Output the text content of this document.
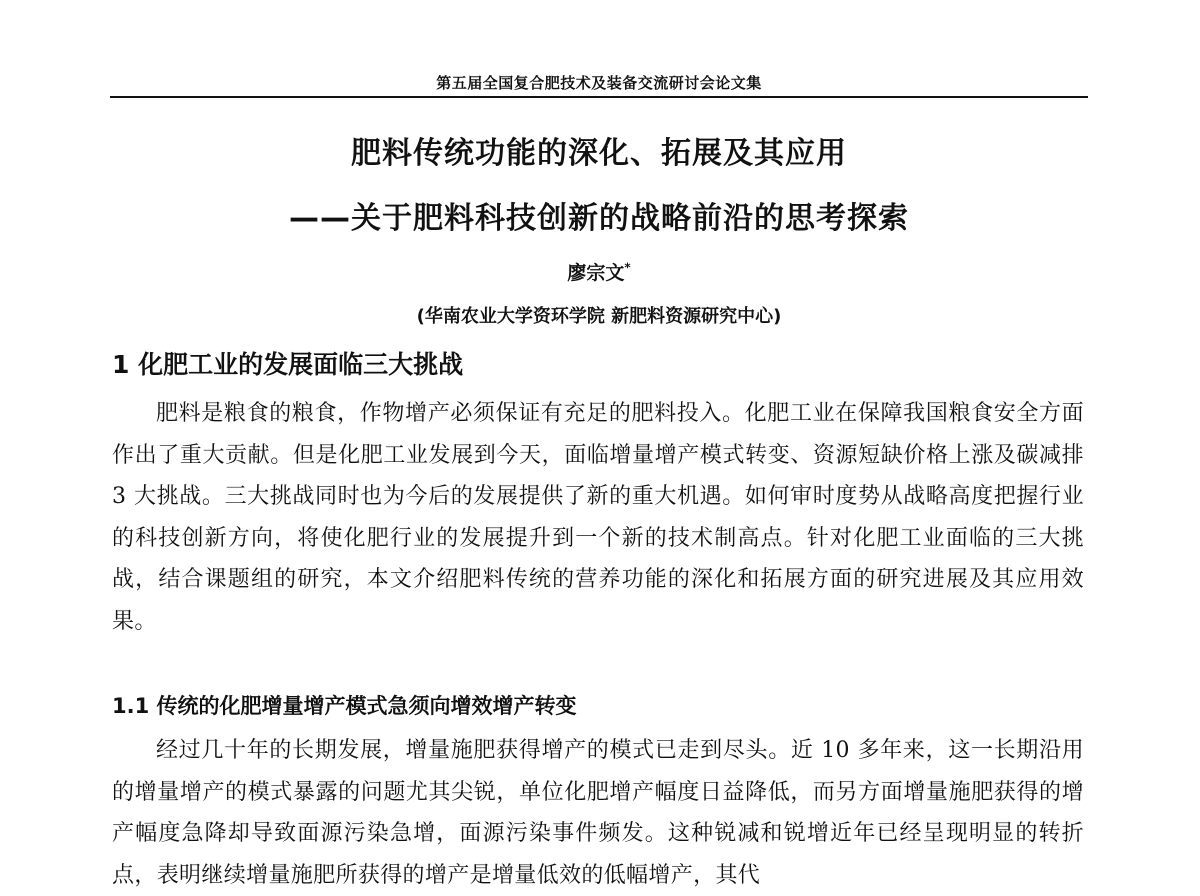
第五届全国复合肥技术及装备交流研讨会论文集
肥料传统功能的深化、拓展及其应用
——关于肥料科技创新的战略前沿的思考探索
廖宗文*
(华南农业大学资环学院 新肥料资源研究中心)
1 化肥工业的发展面临三大挑战
肥料是粮食的粮食，作物增产必须保证有充足的肥料投入。化肥工业在保障我国粮食安全方面作出了重大贡献。但是化肥工业发展到今天，面临增量增产模式转变、资源短缺价格上涨及碳减排 3 大挑战。三大挑战同时也为今后的发展提供了新的重大机遇。如何审时度势从战略高度把握行业的科技创新方向，将使化肥行业的发展提升到一个新的技术制高点。针对化肥工业面临的三大挑战，结合课题组的研究，本文介绍肥料传统的营养功能的深化和拓展方面的研究进展及其应用效果。
1.1 传统的化肥增量增产模式急须向增效增产转变
经过几十年的长期发展，增量施肥获得增产的模式已走到尽头。近 10 多年来，这一长期沿用的增量增产的模式暴露的问题尤其尖锐，单位化肥增产幅度日益降低，而另方面增量施肥获得的增产幅度急降却导致面源污染急增，面源污染事件频发。这种锐减和锐增近年已经呈现明显的转折点，表明继续增量施肥所获得的增产是增量低效的低幅增产，其代
